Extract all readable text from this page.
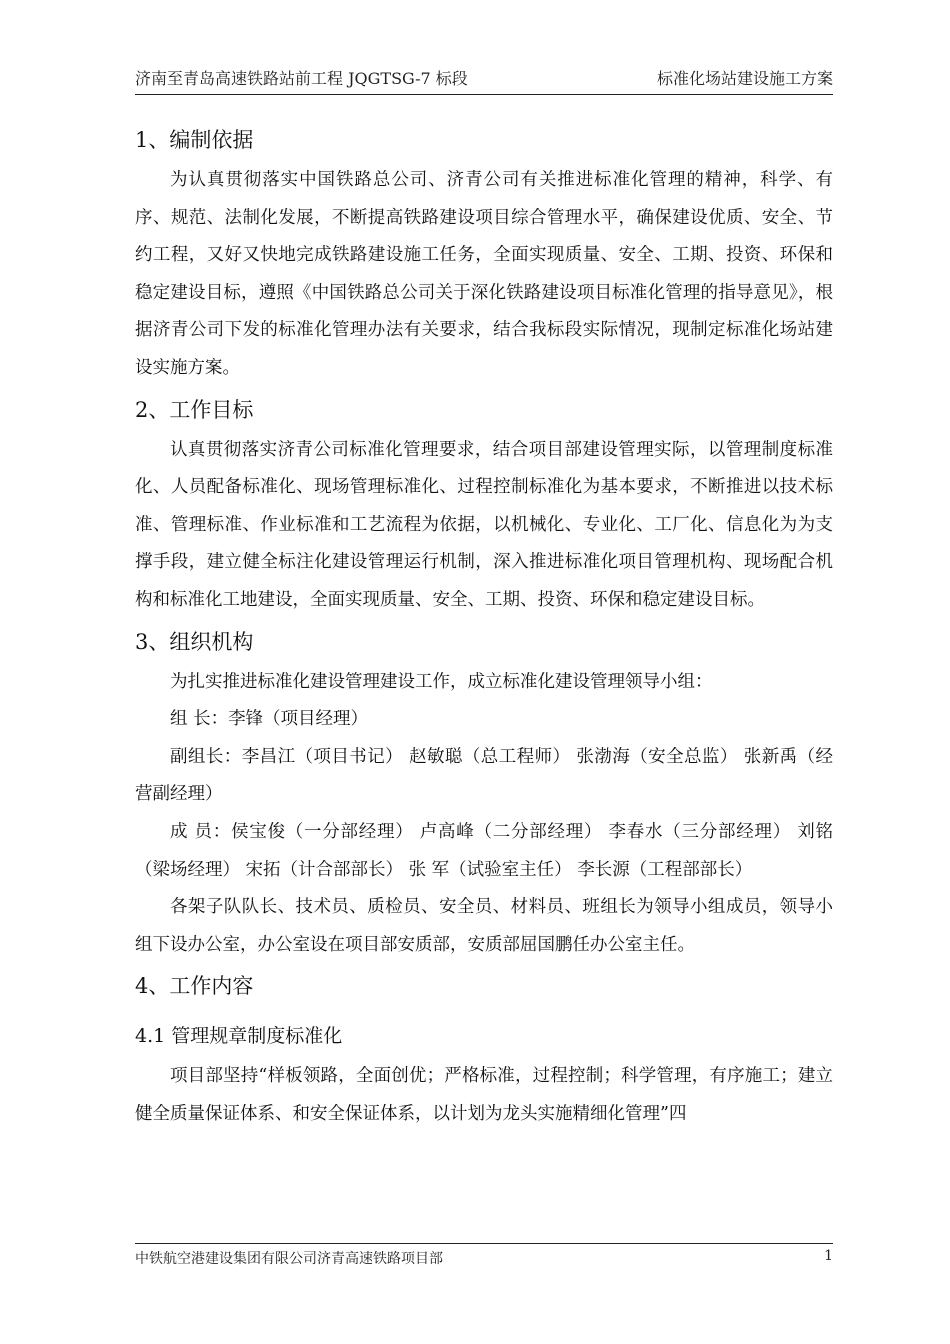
济南至青岛高速铁路站前工程 JQGTSG-7 标段	标准化场站建设施工方案
1、编制依据

为认真贯彻落实中国铁路总公司、济青公司有关推进标准化管理的精神，科学、有序、规范、法制化发展，不断提高铁路建设项目综合管理水平，确保建设优质、安全、节约工程，又好又快地完成铁路建设施工任务，全面实现质量、安全、工期、投资、环保和稳定建设目标，遵照《中国铁路总公司关于深化铁路建设项目标准化管理的指导意见》，根据济青公司下发的标准化管理办法有关要求，结合我标段实际情况，现制定标准化场站建设实施方案。

2、工作目标

认真贯彻落实济青公司标准化管理要求，结合项目部建设管理实际，以管理制度标准化、人员配备标准化、现场管理标准化、过程控制标准化为基本要求，不断推进以技术标准、管理标准、作业标准和工艺流程为依据，以机械化、专业化、工厂化、信息化为为支撑手段，建立健全标注化建设管理运行机制，深入推进标准化项目管理机构、现场配合机构和标准化工地建设，全面实现质量、安全、工期、投资、环保和稳定建设目标。

3、组织机构

为扎实推进标准化建设管理建设工作，成立标准化建设管理领导小组：

组 长：李锋（项目经理）

副组长：李昌江（项目书记） 赵敏聪（总工程师） 张渤海（安全总监） 张新禹（经营副经理）

成 员：侯宝俊（一分部经理） 卢高峰（二分部经理） 李春水（三分部经理） 刘铭（梁场经理） 宋拓（计合部部长） 张 军（试验室主任） 李长源（工程部部长）

各架子队队长、技术员、质检员、安全员、材料员、班组长为领导小组成员，领导小组下设办公室，办公室设在项目部安质部，安质部屈国鹏任办公室主任。

4、工作内容
4.1 管理规章制度标准化

项目部坚持“样板领路，全面创优；严格标准，过程控制；科学管理，有序施工；建立健全质量保证体系、和安全保证体系，以计划为龙头实施精细化管理”四

中铁航空港建设集团有限公司济青高速铁路项目部	1
